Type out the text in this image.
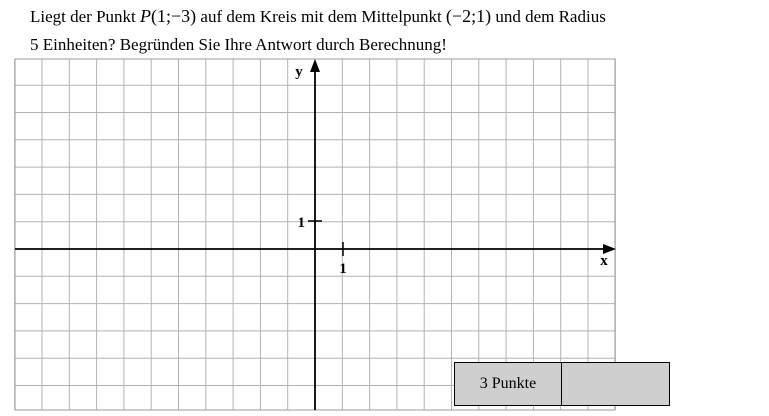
Liegt der Punkt P(1;−3) auf dem Kreis mit dem Mittelpunkt (−2;1) und dem Radius

5 Einheiten? Begründen Sie Ihre Antwort durch Berechnung!

1
1
x
y
3 Punkte
